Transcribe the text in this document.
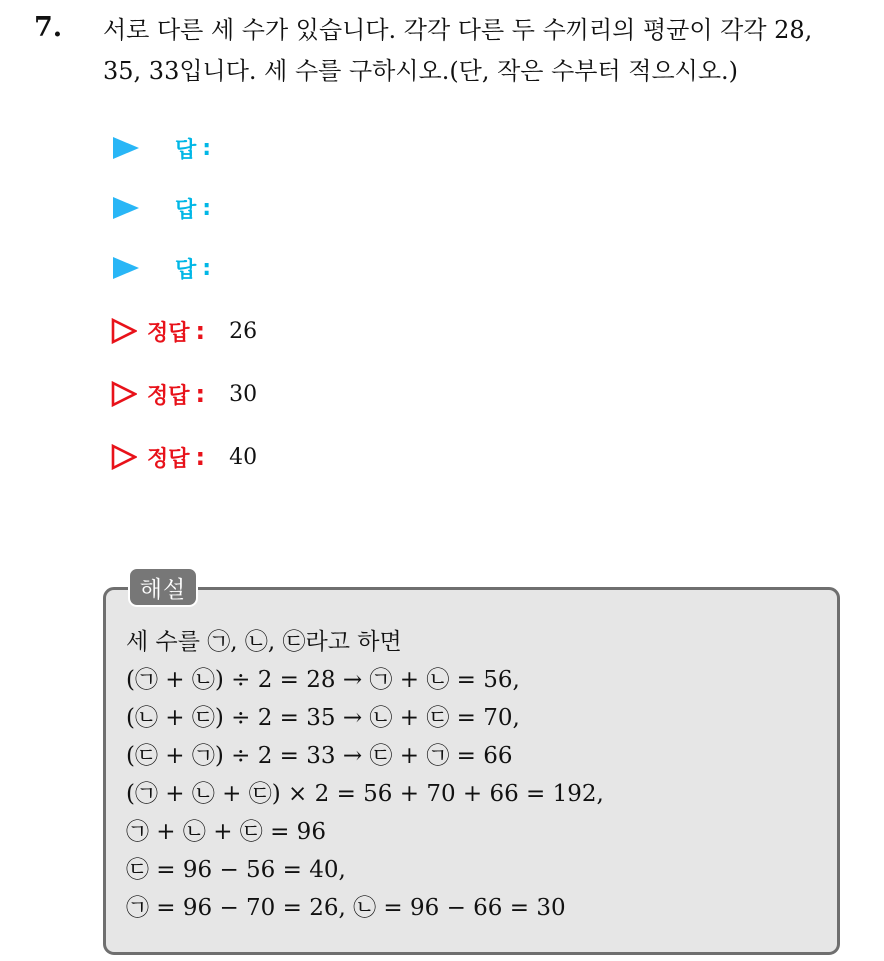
7. 서로 다른 세 수가 있습니다. 각각 다른 두 수끼리의 평균이 각각 28,
35, 33입니다. 세 수를 구하시오.(단, 작은 수부터 적으시오.)
답 :
답 :
답 :
정답 : 26
정답 : 30
정답 : 40
해설
세 수를 ㉠, ㉡, ㉢라고 하면
(㉠ + ㉡) ÷ 2 = 28 → ㉠ + ㉡ = 56,
(㉡ + ㉢) ÷ 2 = 35 → ㉡ + ㉢ = 70,
(㉢ + ㉠) ÷ 2 = 33 → ㉢ + ㉠ = 66
(㉠ + ㉡ + ㉢) × 2 = 56 + 70 + 66 = 192,
㉠ + ㉡ + ㉢ = 96
㉢ = 96 − 56 = 40,
㉠ = 96 − 70 = 26, ㉡ = 96 − 66 = 30
